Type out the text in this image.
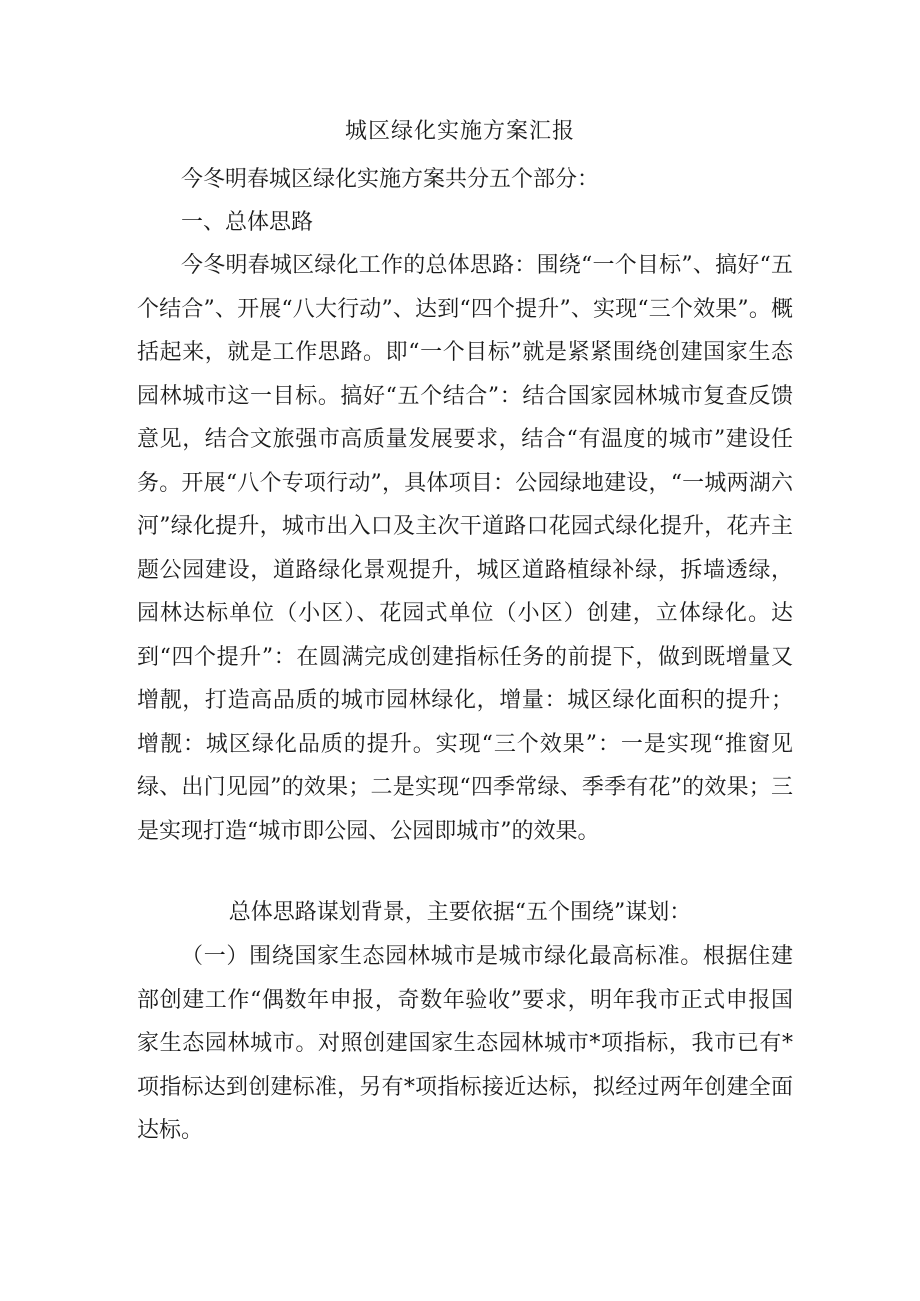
城区绿化实施方案汇报

今冬明春城区绿化实施方案共分五个部分：

一、总体思路

今冬明春城区绿化工作的总体思路：围绕“一个目标”、搞好“五个结合”、开展“八大行动”、达到“四个提升”、实现“三个效果”。概括起来，就是工作思路。即“一个目标”就是紧紧围绕创建国家生态园林城市这一目标。搞好“五个结合”：结合国家园林城市复查反馈意见，结合文旅强市高质量发展要求，结合“有温度的城市”建设任务。开展“八个专项行动”，具体项目：公园绿地建设，“一城两湖六河”绿化提升，城市出入口及主次干道路口花园式绿化提升，花卉主题公园建设，道路绿化景观提升，城区道路植绿补绿，拆墙透绿，园林达标单位（小区）、花园式单位（小区）创建，立体绿化。达到“四个提升”：在圆满完成创建指标任务的前提下，做到既增量又增靓，打造高品质的城市园林绿化，增量：城区绿化面积的提升；增靓：城区绿化品质的提升。实现“三个效果”：一是实现“推窗见绿、出门见园”的效果；二是实现“四季常绿、季季有花”的效果；三是实现打造“城市即公园、公园即城市”的效果。

总体思路谋划背景，主要依据“五个围绕”谋划：

（一）围绕国家生态园林城市是城市绿化最高标准。根据住建部创建工作“偶数年申报，奇数年验收”要求，明年我市正式申报国家生态园林城市。对照创建国家生态园林城市*项指标，我市已有*项指标达到创建标准，另有*项指标接近达标，拟经过两年创建全面达标。
